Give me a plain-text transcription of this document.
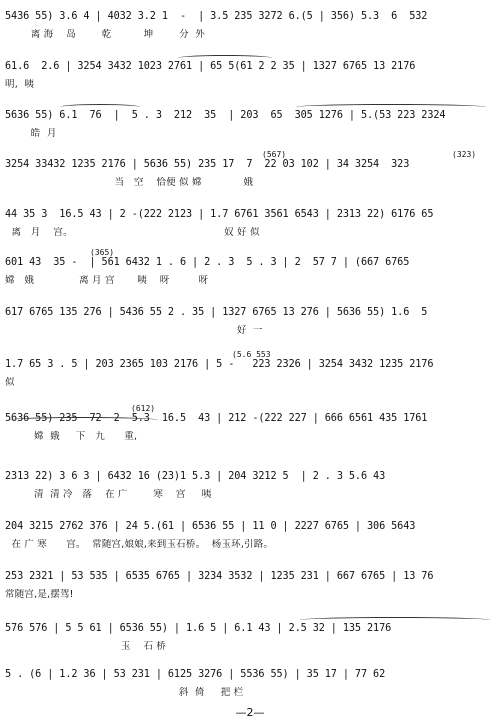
5436 55) 3.6 4 | 4032 3.2 1  -  | 3.5 235 3272 6.(5 | 356) 5.3  6  532
离 海    岛        乾          坤        分  外
61.6  2.6 | 3254 3432 1023 2761 | 65 5(61 2 2 35 | 1327 6765 13 2176
明,  咦
5636 55) 6.1  76  |  5 . 3  212  35  | 203  65  305 1276 | 5.(53 223 2324
皓  月
(567)	(323)
3254 33432 1235 2176 | 5636 55) 235 17  7  22 03 102 | 34 3254  323
当   空    恰便 似 嫦             娥
44 35 3  16.5 43 | 2 -(222 2123 | 1.7 6761 3561 6543 | 2313 22) 6176 65
离   月    宫。                                               奴 好 似
(365)
601 43  35 -  | 561 6432 1 . 6 | 2 . 3  5 . 3 | 2  57 7 | (667 6765
嫦   娥              离 月 宫       咦    呀         呀
617 6765 135 276 | 5436 55 2 . 35 | 1327 6765 13 276 | 5636 55) 1.6  5
好  一
(5.6 553
1.7 65 3 . 5 | 203 2365 103 2176 | 5 -   223 2326 | 3254 3432 1235 2176
似
(612)
5636 55) 235  72  2  5.3  16.5  43 | 212 -(222 227 | 666 6561 435 1761
嫦  娥     下   九      重,
2313 22) 3 6 3 | 6432 16 (23)1 5.3 | 204 3212 5  | 2 . 3 5.6 43
清  清 冷   落    在 广        寒    宫     咦
204 3215 2762 376 | 24 5.(61 | 6536 55 | 11 0 | 2227 6765 | 306 5643
在 广 寒      宫。  常随宫,娘娘,来到玉石桥。  杨玉环,引路。
253 2321 | 53 535 | 6535 6765 | 3234 3532 | 1235 231 | 667 6765 | 13 76
常随宫,是,摆驾!
576 576 | 5 5 61 | 6536 55) | 1.6 5 | 6.1 43 | 2.5 32 | 135 2176
玉    石 桥
5 . (6 | 1.2 36 | 53 231 | 6125 3276 | 5536 55) | 35 17 | 77 62
斜  倚     把 栏
—2—
